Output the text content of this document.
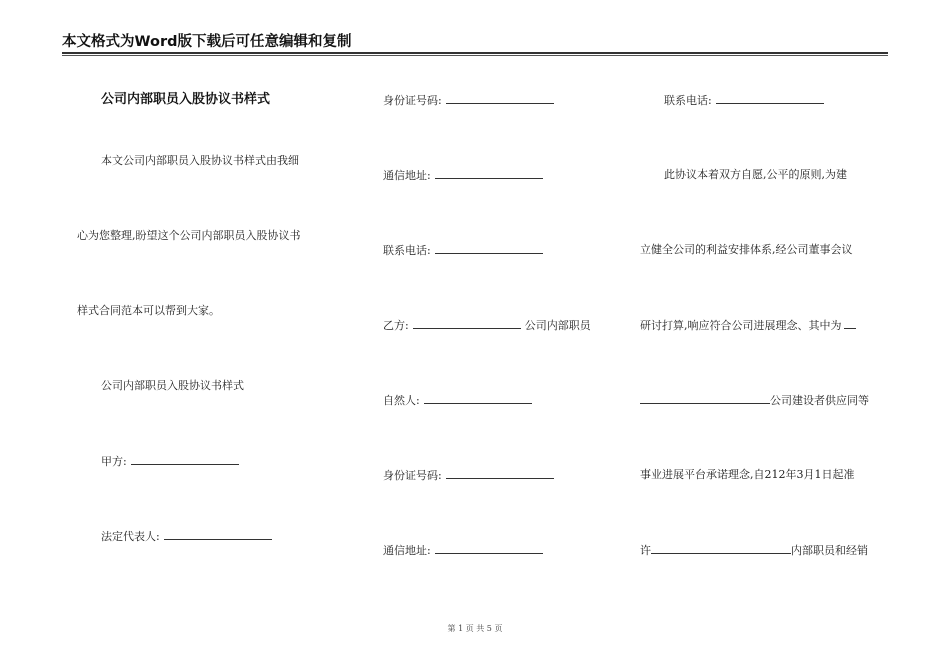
本文格式为Word版下载后可任意编辑和复制
公司内部职员入股协议书样式
本文公司内部职员入股协议书样式由我细
心为您整理,盼望这个公司内部职员入股协议书
样式合同范本可以帮到大家。
公司内部职员入股协议书样式
甲方:
法定代表人:
身份证号码:
通信地址:
联系电话:
乙方:	公司内部职员
自然人:
身份证号码:
通信地址:
联系电话:
此协议本着双方自愿,公平的原则,为建
立健全公司的利益安排体系,经公司董事会议
研讨打算,响应符合公司进展理念、其中为
公司建设者供应同等
事业进展平台承诺理念,自212年3月1日起准
许	内部职员和经销
第 1 页 共 5 页
